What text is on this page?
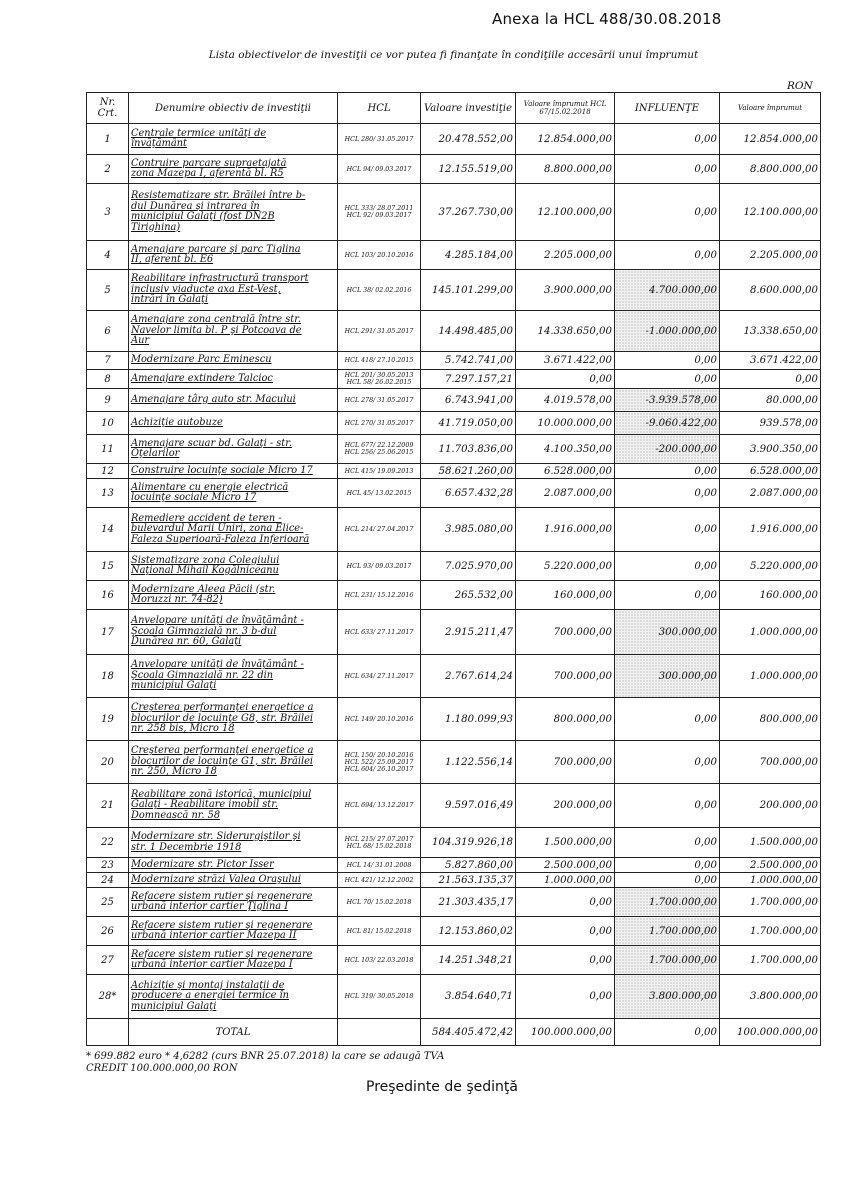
Anexa la HCL 488/30.08.2018
Lista obiectivelor de investiţii ce vor putea fi finanţate în condiţiile accesării unui împrumut
RON
Nr. Crt.	Denumire obiectiv de investiţii	HCL	Valoare investiţie	Valoare împrumut HCL 67/15.02.2018	INFLUENŢE	Valoare împrumut
1	Centrale termice unităţi de
învăţământ	HCL 280/ 31.05.2017	20.478.552,00	12.854.000,00	0,00	12.854.000,00
2	Contruire parcare supraetajată
zona Mazepa I, aferentă bl. R5	HCL 94/ 09.03.2017	12.155.519,00	8.800.000,00	0,00	8.800.000,00
3	Resistematizare str. Brăilei între b-
dul Dunărea şi intrarea în
municipiul Galaţi (fost DN2B
Tirighina)	HCL 333/ 28.07.2011
HCL 92/ 09.03.2017	37.267.730,00	12.100.000,00	0,00	12.100.000,00
4	Amenajare parcare şi parc Tiglina
II, aferent bl. E6	HCL 103/ 20.10.2016	4.285.184,00	2.205.000,00	0,00	2.205.000,00
5	Reabilitare infrastructură transport
inclusiv viaducte axa Est-Vest,
intrări în Galaţi	HCL 38/ 02.02.2016	145.101.299,00	3.900.000,00	4.700.000,00	8.600.000,00
6	Amenajare zona centrală între str.
Navelor limita bl. P şi Potcoava de
Aur	HCL 291/ 31.05.2017	14.498.485,00	14.338.650,00	-1.000.000,00	13.338.650,00
7	Modernizare Parc Eminescu	HCL 418/ 27.10.2015	5.742.741,00	3.671.422,00	0,00	3.671.422,00
8	Amenajare extindere Talcioc	HCL 201/ 30.05.2013
HCL 58/ 26.02.2015	7.297.157,21	0,00	0,00	0,00
9	Amenajare târg auto str. Macului	HCL 278/ 31.05.2017	6.743.941,00	4.019.578,00	-3.939.578,00	80.000,00
10	Achiziţie autobuze	HCL 270/ 31.05.2017	41.719.050,00	10.000.000,00	-9.060.422,00	939.578,00
11	Amenajare scuar bd. Galaţi - str.
Oţelarilor	HCL 677/ 22.12.2009
HCL 256/ 25.06.2015	11.703.836,00	4.100.350,00	-200.000,00	3.900.350,00
12	Construire locuinţe sociale Micro 17	HCL 415/ 19.09.2013	58.621.260,00	6.528.000,00	0,00	6.528.000,00
13	Alimentare cu energie electrică
locuinţe sociale Micro 17	HCL 45/ 13.02.2015	6.657.432,28	2.087.000,00	0,00	2.087.000,00
14	Remediere accident de teren -
bulevardul Marii Uniri, zona Elice-
Faleza Superioară-Faleza Inferioară	HCL 214/ 27.04.2017	3.985.080,00	1.916.000,00	0,00	1.916.000,00
15	Sistematizare zona Colegiului
Naţional Mihail Kogălniceanu	HCL 93/ 09.03.2017	7.025.970,00	5.220.000,00	0,00	5.220.000,00
16	Modernizare Aleea Păcii (str.
Moruzzi nr. 74-82)	HCL 231/ 15.12.2016	265.532,00	160.000,00	0,00	160.000,00
17	Anvelopare unităţi de învăţământ -
Şcoala Gimnazială nr. 3 b-dul
Dunărea nr. 60, Galaţi	HCL 633/ 27.11.2017	2.915.211,47	700.000,00	300.000,00	1.000.000,00
18	Anvelopare unităţi de învăţământ -
Şcoala Gimnazială nr. 22 din
municipiul Galaţi	HCL 634/ 27.11.2017	2.767.614,24	700.000,00	300.000,00	1.000.000,00
19	Creşterea performanţei energetice a
blocurilor de locuinţe G8, str. Brăilei
nr. 258 bis, Micro 18	HCL 149/ 20.10.2016	1.180.099,93	800.000,00	0,00	800.000,00
20	Creşterea performanţei energetice a
blocurilor de locuinţe G1, str. Brăilei
nr. 250, Micro 18	HCL 150/ 20.10.2016
HCL 522/ 25.09.2017
HCL 604/ 26.10.2017	1.122.556,14	700.000,00	0,00	700.000,00
21	Reabilitare zonă istorică, municipiul
Galaţi - Reabilitare imobil str.
Domnească nr. 58	HCL 694/ 13.12.2017	9.597.016,49	200.000,00	0,00	200.000,00
22	Modernizare str. Siderurgiştilor şi
str. 1 Decembrie 1918	HCL 215/ 27.07.2017
HCL 68/ 15.02.2018	104.319.926,18	1.500.000,00	0,00	1.500.000,00
23	Modernizare str. Pictor Isser	HCL 14/ 31.01.2008	5.827.860,00	2.500.000,00	0,00	2.500.000,00
24	Modernizare străzi Valea Oraşului	HCL 421/ 12.12.2002	21.563.135,37	1.000.000,00	0,00	1.000.000,00
25	Refacere sistem rutier şi regenerare
urbană interior cartier Ţiglina I	HCL 70/ 15.02.2018	21.303.435,17	0,00	1.700.000,00	1.700.000,00
26	Refacere sistem rutier şi regenerare
urbană interior cartier Mazepa II	HCL 81/ 15.02.2018	12.153.860,02	0,00	1.700.000,00	1.700.000,00
27	Refacere sistem rutier şi regenerare
urbană interior cartier Mazepa I	HCL 103/ 22.03.2018	14.251.348,21	0,00	1.700.000,00	1.700.000,00
28*	Achiziţie şi montaj instalaţii de
producere a energiei termice în
municipiul Galaţi	HCL 319/ 30.05.2018	3.854.640,71	0,00	3.800.000,00	3.800.000,00
	TOTAL		584.405.472,42	100.000.000,00	0,00	100.000.000,00
* 699.882 euro * 4,6282 (curs BNR 25.07.2018) la care se adaugă TVA
CREDIT 100.000.000,00 RON
Preşedinte de şedinţă
